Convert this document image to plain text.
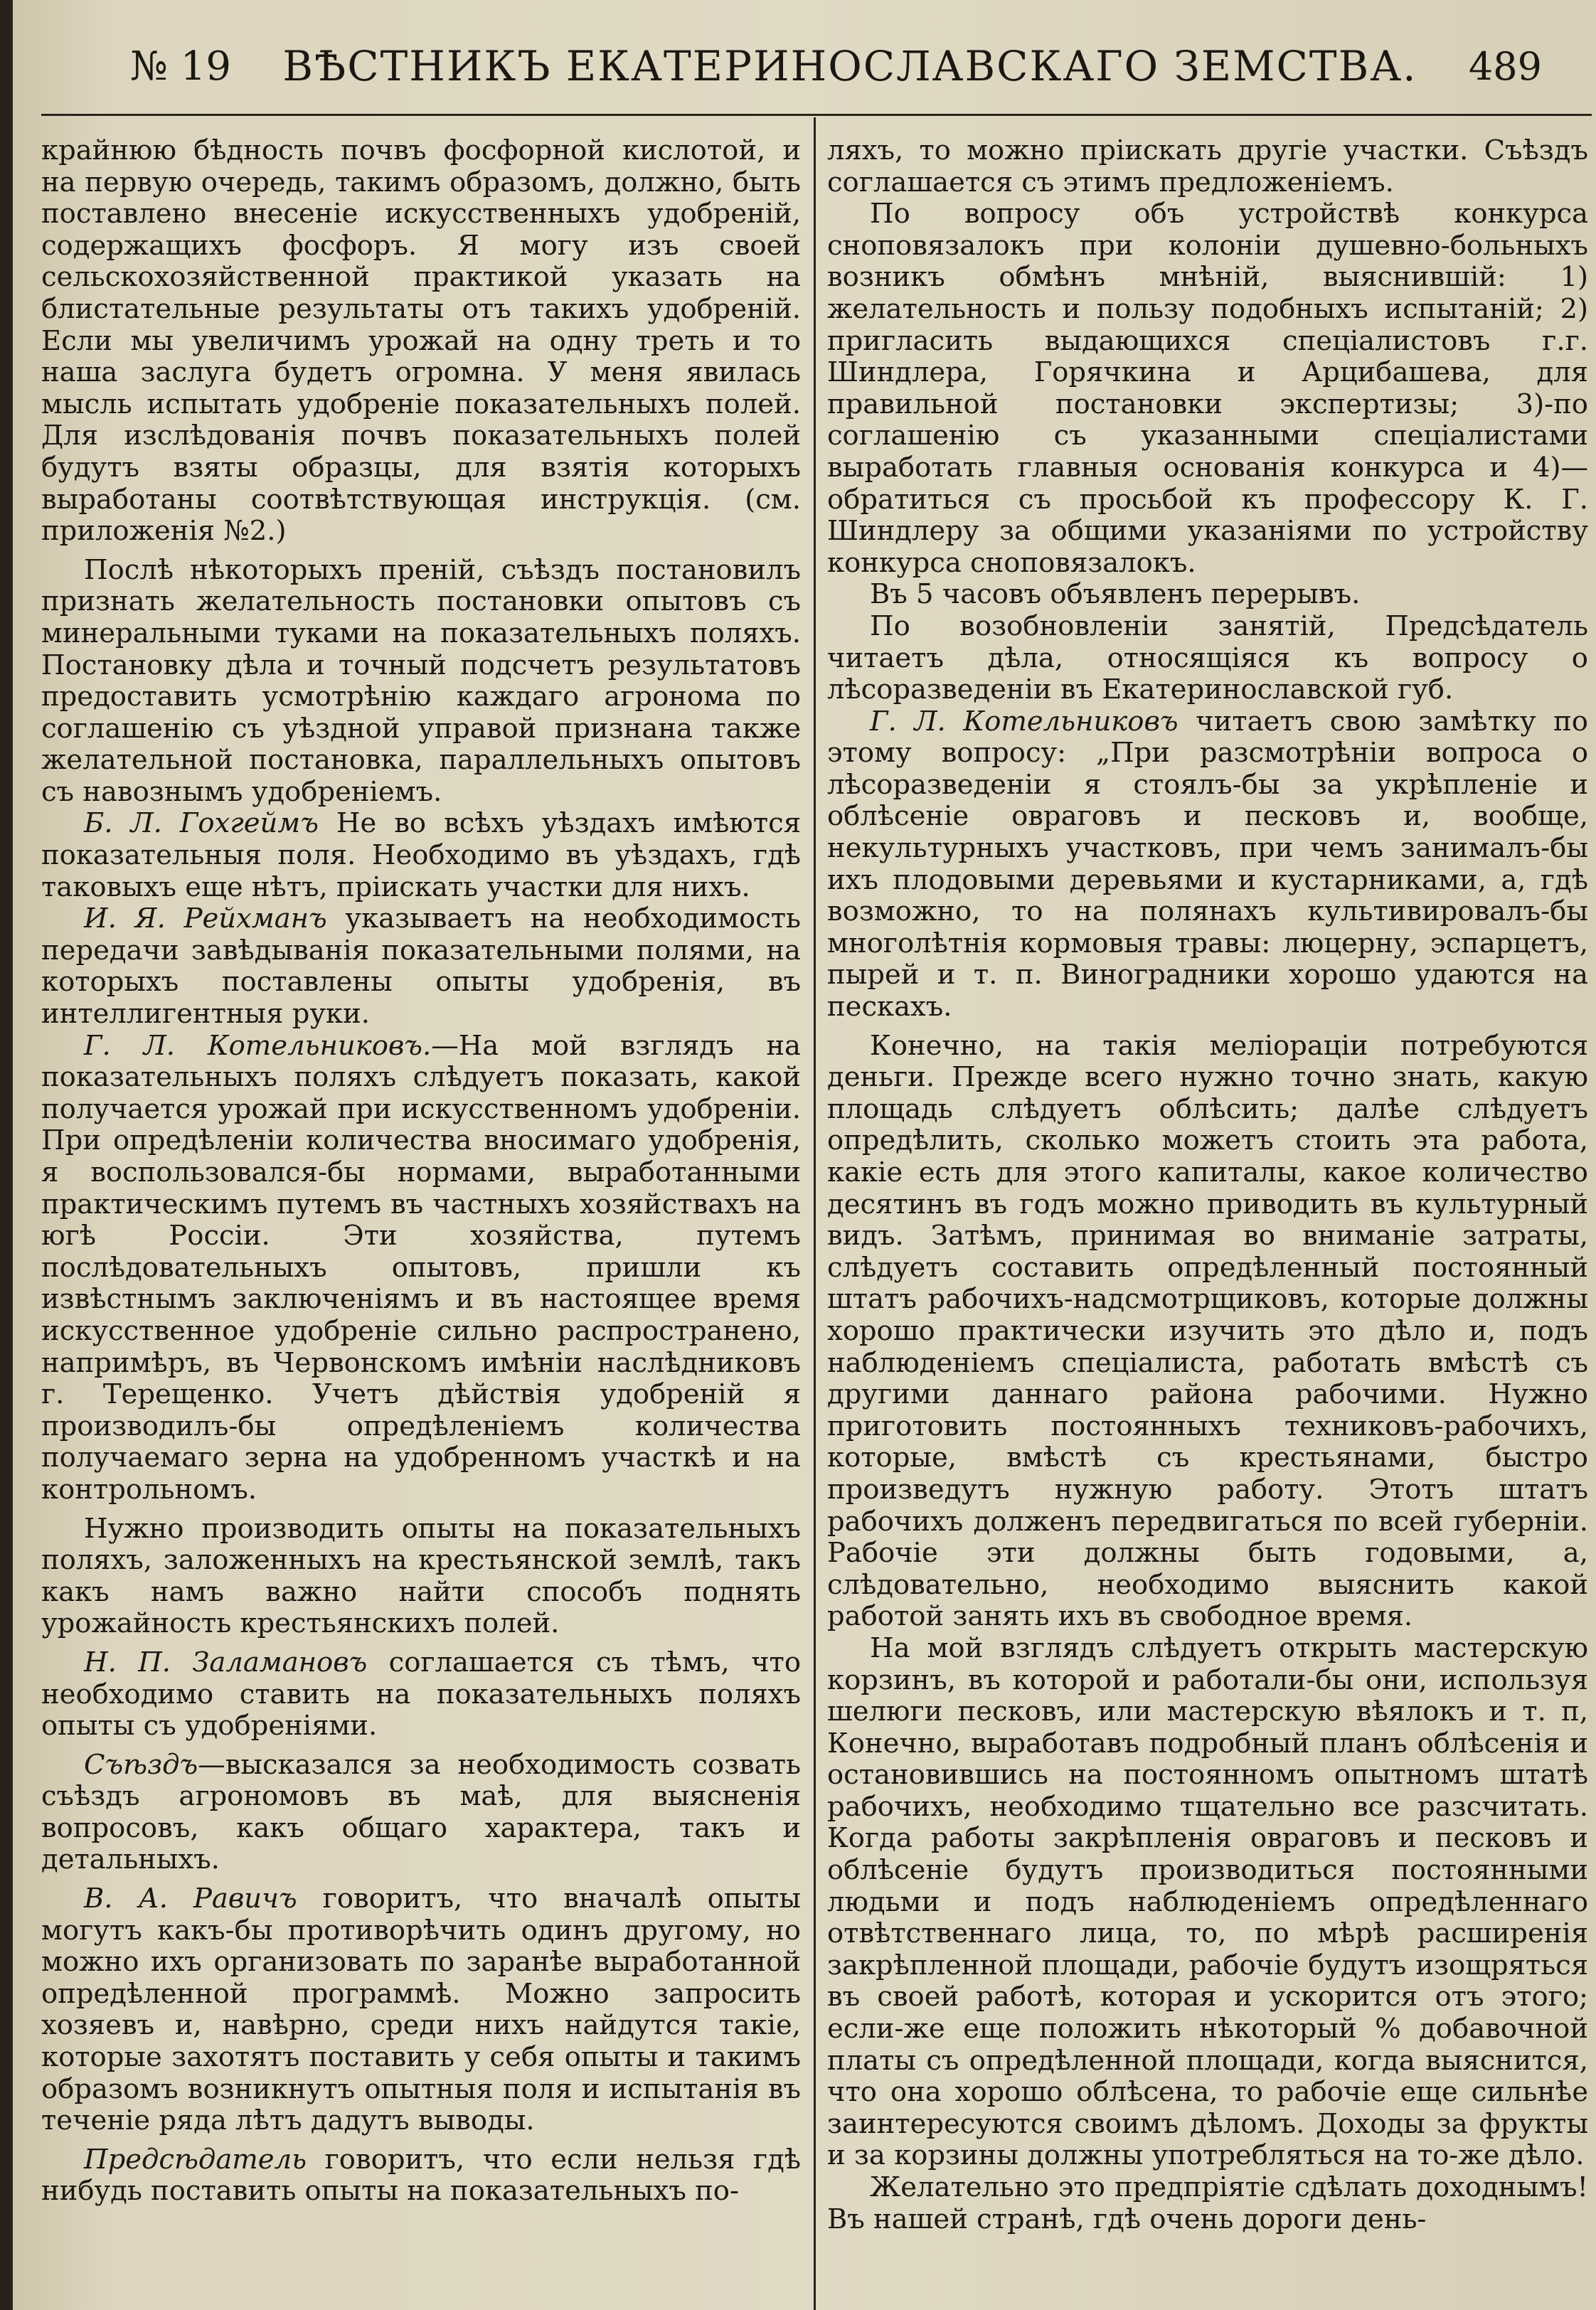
№ 19 ВѢСТНИКЪ ЕКАТЕРИНОСЛАВСКАГО ЗЕМСТВА. 489

крайнюю бѣдность почвъ фосфорной кислотой, и на первую очередь, такимъ образомъ, должно, быть поставлено внесеніе искусственныхъ удобреній, содержащихъ фосфоръ. Я могу изъ своей сельскохозяйственной практикой указать на блистательные результаты отъ такихъ удобреній. Если мы увеличимъ урожай на одну треть и то наша заслуга будетъ огромна. У меня явилась мысль испытать удобреніе показательныхъ полей. Для изслѣдованія почвъ показательныхъ полей будутъ взяты образцы, для взятія которыхъ выработаны соотвѣтствующая инструкція. (см. приложенія №2.)

Послѣ нѣкоторыхъ преній, съѣздъ постановилъ признать желательность постановки опытовъ съ минеральными туками на показательныхъ поляхъ. Постановку дѣла и точный подсчетъ результатовъ предоставить усмотрѣнію каждаго агронома по соглашенію съ уѣздной управой признана также желательной постановка, параллельныхъ опытовъ съ навознымъ удобреніемъ.

Б. Л. Гохгеймъ Не во всѣхъ уѣздахъ имѣются показательныя поля. Необходимо въ уѣздахъ, гдѣ таковыхъ еще нѣтъ, пріискать участки для нихъ.

И. Я. Рейхманъ указываетъ на необходимость передачи завѣдыванія показательными полями, на которыхъ поставлены опыты удобренія, въ интеллигентныя руки.

Г. Л. Котельниковъ.—На мой взглядъ на показательныхъ поляхъ слѣдуетъ показать, какой получается урожай при искусственномъ удобреніи. При опредѣленіи количества вносимаго удобренія, я воспользовался-бы нормами, выработанными практическимъ путемъ въ частныхъ хозяйствахъ на югѣ Россіи. Эти хозяйства, путемъ послѣдовательныхъ опытовъ, пришли къ извѣстнымъ заключеніямъ и въ настоящее время искусственное удобреніе сильно распространено, напримѣръ, въ Червонскомъ имѣніи наслѣдниковъ г. Терещенко. Учетъ дѣйствія удобреній я производилъ-бы опредѣленіемъ количества получаемаго зерна на удобренномъ участкѣ и на контрольномъ.

Нужно производить опыты на показательныхъ поляхъ, заложенныхъ на крестьянской землѣ, такъ какъ намъ важно найти способъ поднять урожайность крестьянскихъ полей.

Н. П. Заламановъ соглашается съ тѣмъ, что необходимо ставить на показательныхъ поляхъ опыты съ удобреніями.

Съѣздъ—высказался за необходимость созвать съѣздъ агрономовъ въ маѣ, для выясненія вопросовъ, какъ общаго характера, такъ и детальныхъ.

В. А. Равичъ говоритъ, что вначалѣ опыты могутъ какъ-бы противорѣчить одинъ другому, но можно ихъ организовать по заранѣе выработанной опредѣленной программѣ. Можно запросить хозяевъ и, навѣрно, среди нихъ найдутся такіе, которые захотятъ поставить у себя опыты и такимъ образомъ возникнутъ опытныя поля и испытанія въ теченіе ряда лѣтъ дадутъ выводы.

Предсѣдатель говоритъ, что если нельзя гдѣ нибудь поставить опыты на показательныхъ по-

ляхъ, то можно пріискать другіе участки. Съѣздъ соглашается съ этимъ предложеніемъ.

По вопросу объ устройствѣ конкурса сноповязалокъ при колоніи душевно-больныхъ возникъ обмѣнъ мнѣній, выяснившій: 1) желательность и пользу подобныхъ испытаній; 2) пригласить выдающихся спеціалистовъ г.г. Шиндлера, Горячкина и Арцибашева, для правильной постановки экспертизы; 3)-по соглашенію съ указанными спеціалистами выработать главныя основанія конкурса и 4)—обратиться съ просьбой къ профессору К. Г. Шиндлеру за общими указаніями по устройству конкурса сноповязалокъ.

Въ 5 часовъ объявленъ перерывъ.

По возобновленіи занятій, Предсѣдатель читаетъ дѣла, относящіяся къ вопросу о лѣсоразведеніи въ Екатеринославской губ.

Г. Л. Котельниковъ читаетъ свою замѣтку по этому вопросу: „При разсмотрѣніи вопроса о лѣсоразведеніи я стоялъ-бы за укрѣпленіе и облѣсеніе овраговъ и песковъ и, вообще, некультурныхъ участковъ, при чемъ занималъ-бы ихъ плодовыми деревьями и кустарниками, а, гдѣ возможно, то на полянахъ культивировалъ-бы многолѣтнія кормовыя травы: люцерну, эспарцетъ, пырей и т. п. Виноградники хорошо удаются на пескахъ.

Конечно, на такія меліораціи потребуются деньги. Прежде всего нужно точно знать, какую площадь слѣдуетъ облѣсить; далѣе слѣдуетъ опредѣлить, сколько можетъ стоить эта работа, какіе есть для этого капиталы, какое количество десятинъ въ годъ можно приводить въ культурный видъ. Затѣмъ, принимая во вниманіе затраты, слѣдуетъ составить опредѣленный постоянный штатъ рабочихъ-надсмотрщиковъ, которые должны хорошо практически изучить это дѣло и, подъ наблюденіемъ спеціалиста, работать вмѣстѣ съ другими даннаго района рабочими. Нужно приготовить постоянныхъ техниковъ-рабочихъ, которые, вмѣстѣ съ крестьянами, быстро произведутъ нужную работу. Этотъ штатъ рабочихъ долженъ передвигаться по всей губерніи. Рабочіе эти должны быть годовыми, а, слѣдовательно, необходимо выяснить какой работой занять ихъ въ свободное время.

На мой взглядъ слѣдуетъ открыть мастерскую корзинъ, въ которой и работали-бы они, используя шелюги песковъ, или мастерскую вѣялокъ и т. п, Конечно, выработавъ подробный планъ облѣсенія и остановившись на постоянномъ опытномъ штатѣ рабочихъ, необходимо тщательно все разсчитать. Когда работы закрѣпленія овраговъ и песковъ и облѣсеніе будутъ производиться постоянными людьми и подъ наблюденіемъ опредѣленнаго отвѣтственнаго лица, то, по мѣрѣ расширенія закрѣпленной площади, рабочіе будутъ изощряться въ своей работѣ, которая и ускорится отъ этого; если-же еще положить нѣкоторый % добавочной платы съ опредѣленной площади, когда выяснится, что она хорошо облѣсена, то рабочіе еще сильнѣе заинтересуются своимъ дѣломъ. Доходы за фрукты и за корзины должны употребляться на то-же дѣло.

Желательно это предпріятіе сдѣлать доходнымъ! Въ нашей странѣ, гдѣ очень дороги день-
